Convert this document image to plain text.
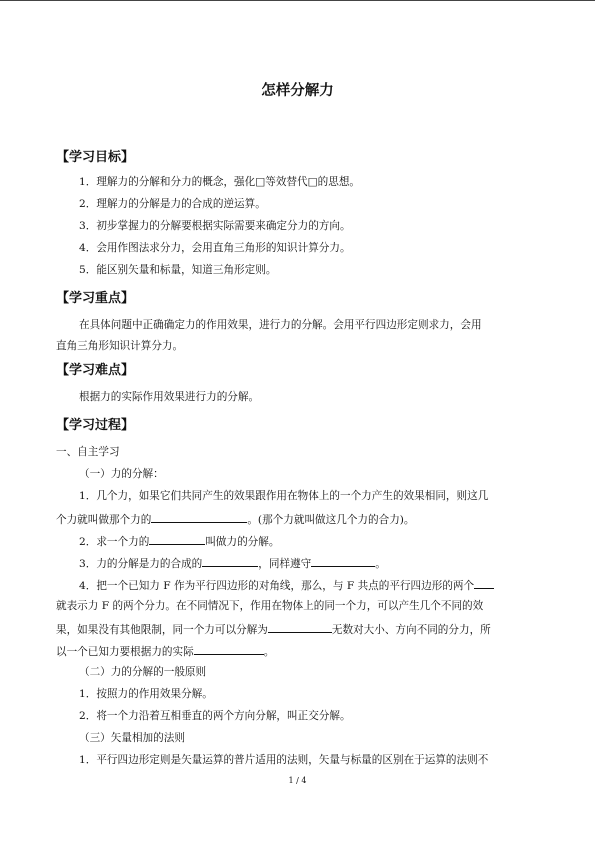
怎样分解力
【学习目标】
1．理解力的分解和分力的概念，强化□等效替代□的思想。
2．理解力的分解是力的合成的逆运算。
3．初步掌握力的分解要根据实际需要来确定分力的方向。
4．会用作图法求分力，会用直角三角形的知识计算分力。
5．能区别矢量和标量，知道三角形定则。
【学习重点】
在具体问题中正确确定力的作用效果，进行力的分解。会用平行四边形定则求力，会用
直角三角形知识计算分力。
【学习难点】
根据力的实际作用效果进行力的分解。
【学习过程】
一、自主学习
（一）力的分解：
1．几个力，如果它们共同产生的效果跟作用在物体上的一个力产生的效果相同，则这几
个力就叫做那个力的	。(那个力就叫做这几个力的合力)。
2．求一个力的	叫做力的分解。
3．力的分解是力的合成的	，同样遵守	。
4．把一个已知力 F 作为平行四边形的对角线，那么，与 F 共点的平行四边形的两个
就表示力 F 的两个分力。在不同情况下，作用在物体上的同一个力，可以产生几个不同的效
果，如果没有其他限制，同一个力可以分解为	无数对大小、方向不同的分力，所
以一个已知力要根据力的实际	。
（二）力的分解的一般原则
1．按照力的作用效果分解。
2．将一个力沿着互相垂直的两个方向分解，叫正交分解。
（三）矢量相加的法则
1．平行四边形定则是矢量运算的普片适用的法则，矢量与标量的区别在于运算的法则不
1 / 4
